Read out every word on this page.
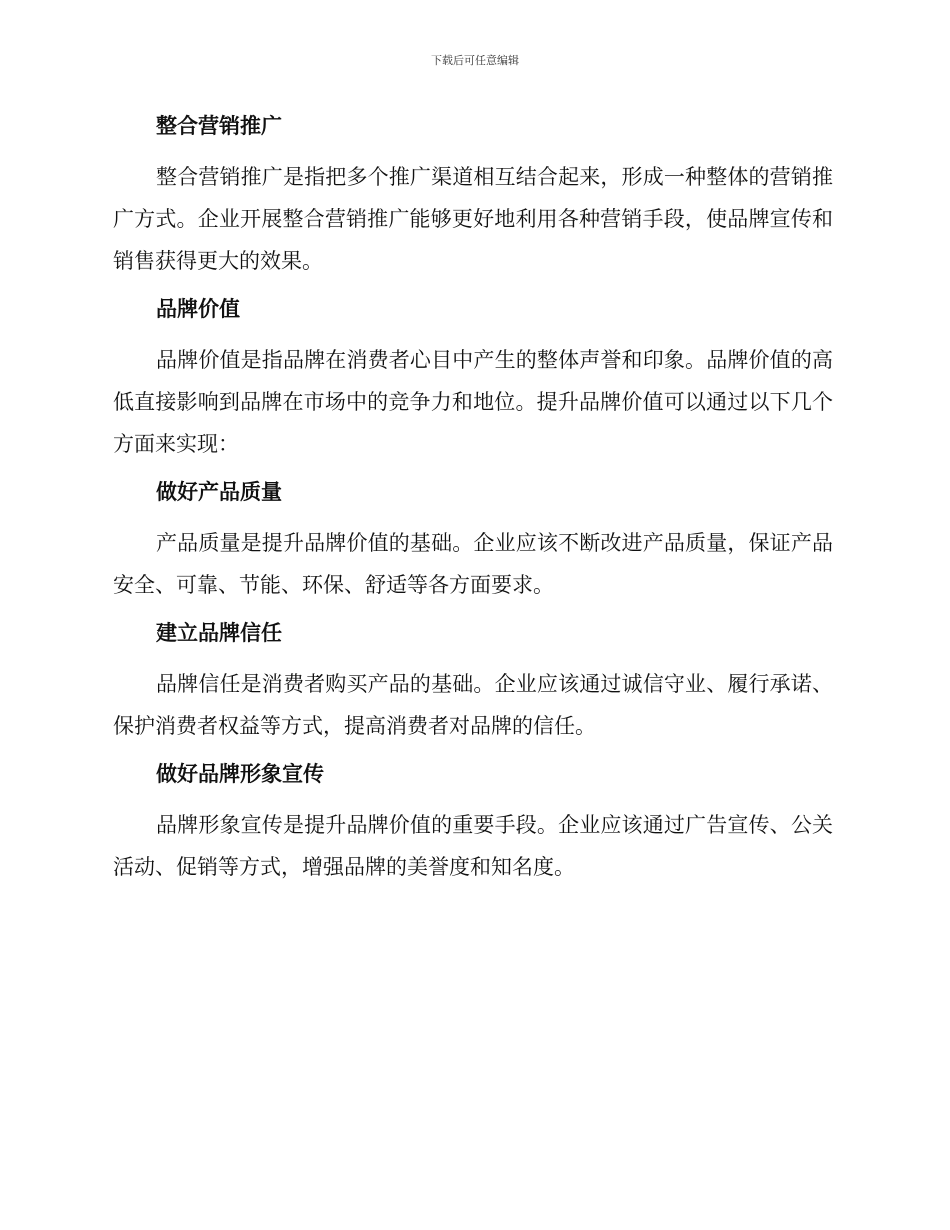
下载后可任意编辑
整合营销推广

整合营销推广是指把多个推广渠道相互结合起来，形成一种整体的营销推广方式。企业开展整合营销推广能够更好地利用各种营销手段，使品牌宣传和销售获得更大的效果。

品牌价值

品牌价值是指品牌在消费者心目中产生的整体声誉和印象。品牌价值的高低直接影响到品牌在市场中的竞争力和地位。提升品牌价值可以通过以下几个方面来实现：

做好产品质量

产品质量是提升品牌价值的基础。企业应该不断改进产品质量，保证产品安全、可靠、节能、环保、舒适等各方面要求。

建立品牌信任

品牌信任是消费者购买产品的基础。企业应该通过诚信守业、履行承诺、保护消费者权益等方式，提高消费者对品牌的信任。

做好品牌形象宣传

品牌形象宣传是提升品牌价值的重要手段。企业应该通过广告宣传、公关活动、促销等方式，增强品牌的美誉度和知名度。
